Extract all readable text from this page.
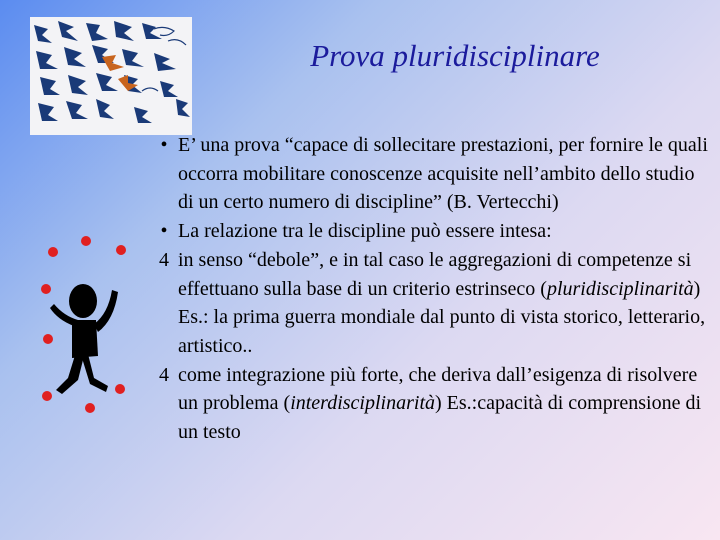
Prova pluridisciplinare
• E’ una prova “capace di sollecitare prestazioni, per fornire le quali occorra mobilitare conoscenze acquisite nell’ambito dello studio di un certo numero di discipline” (B. Vertecchi)
• La relazione tra le discipline può essere intesa:
4 in senso “debole”, e in tal caso le aggregazioni di competenze si effettuano sulla base di un criterio estrinseco (pluridisciplinarità) Es.: la prima guerra mondiale dal punto di vista storico, letterario, artistico..
4 come integrazione più forte, che deriva dall’esigenza di risolvere un problema (interdisciplinarità) Es.:capacità di comprensione di un testo
